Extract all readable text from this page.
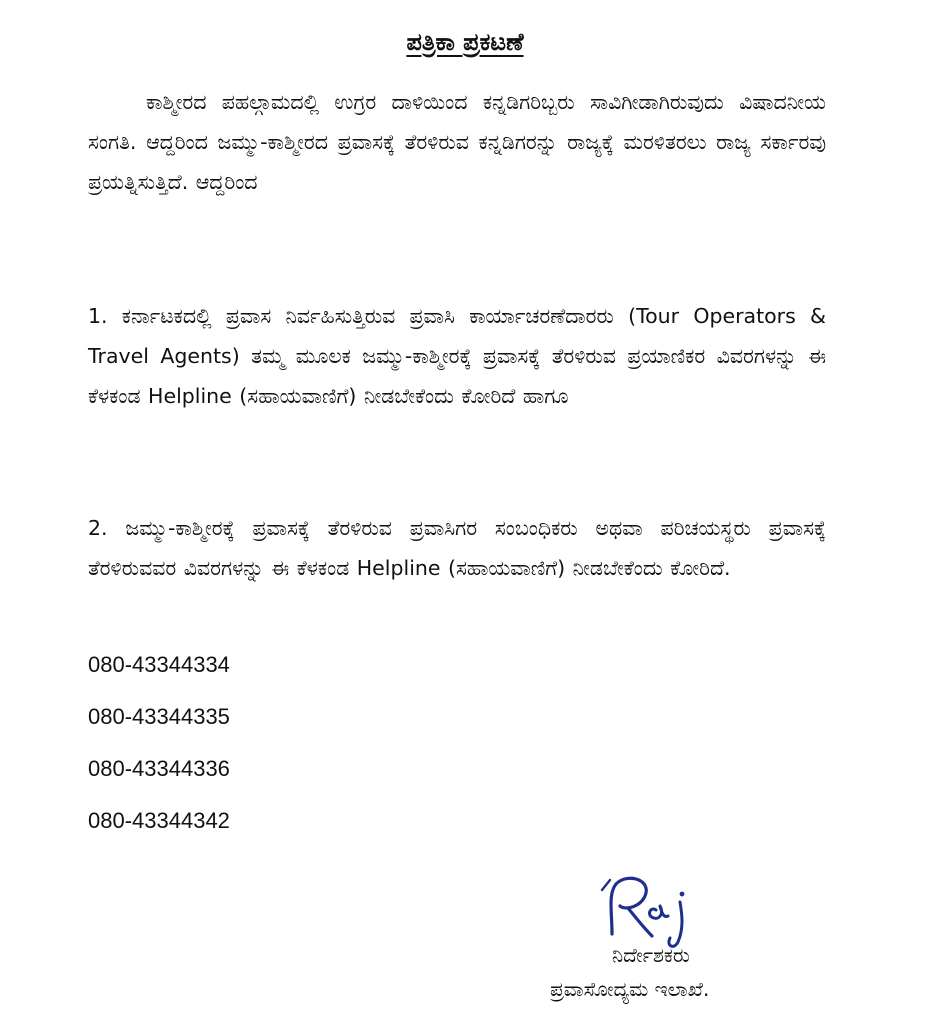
ಪತ್ರಿಕಾ ಪ್ರಕಟಣೆ
ಕಾಶ್ಮೀರದ ಪಹಲ್ಗಾಮದಲ್ಲಿ ಉಗ್ರರ ದಾಳಿಯಿಂದ ಕನ್ನಡಿಗರಿಬ್ಬರು ಸಾವಿಗೀಡಾಗಿರುವುದು ವಿಷಾದನೀಯ ಸಂಗತಿ. ಆದ್ದರಿಂದ ಜಮ್ಮು-ಕಾಶ್ಮೀರದ ಪ್ರವಾಸಕ್ಕೆ ತೆರಳಿರುವ ಕನ್ನಡಿಗರನ್ನು ರಾಜ್ಯಕ್ಕೆ ಮರಳಿತರಲು ರಾಜ್ಯ ಸರ್ಕಾರವು ಪ್ರಯತ್ನಿಸುತ್ತಿದೆ. ಆದ್ದರಿಂದ
1. ಕರ್ನಾಟಕದಲ್ಲಿ ಪ್ರವಾಸ ನಿರ್ವಹಿಸುತ್ತಿರುವ ಪ್ರವಾಸಿ ಕಾರ್ಯಾಚರಣೆದಾರರು (Tour Operators & Travel Agents) ತಮ್ಮ ಮೂಲಕ ಜಮ್ಮು-ಕಾಶ್ಮೀರಕ್ಕೆ ಪ್ರವಾಸಕ್ಕೆ ತೆರಳಿರುವ ಪ್ರಯಾಣಿಕರ ವಿವರಗಳನ್ನು ಈ ಕೆಳಕಂಡ Helpline (ಸಹಾಯವಾಣಿಗೆ) ನೀಡಬೇಕೆಂದು ಕೋರಿದೆ ಹಾಗೂ
2. ಜಮ್ಮು-ಕಾಶ್ಮೀರಕ್ಕೆ ಪ್ರವಾಸಕ್ಕೆ ತೆರಳಿರುವ ಪ್ರವಾಸಿಗರ ಸಂಬಂಧಿಕರು ಅಥವಾ ಪರಿಚಯಸ್ಥರು ಪ್ರವಾಸಕ್ಕೆ ತೆರಳಿರುವವರ ವಿವರಗಳನ್ನು ಈ ಕೆಳಕಂಡ Helpline (ಸಹಾಯವಾಣಿಗೆ) ನೀಡಬೇಕೆಂದು ಕೋರಿದೆ.
080-43344334
080-43344335
080-43344336
080-43344342
ನಿರ್ದೇಶಕರು
ಪ್ರವಾಸೋದ್ಯಮ ಇಲಾಖೆ.
